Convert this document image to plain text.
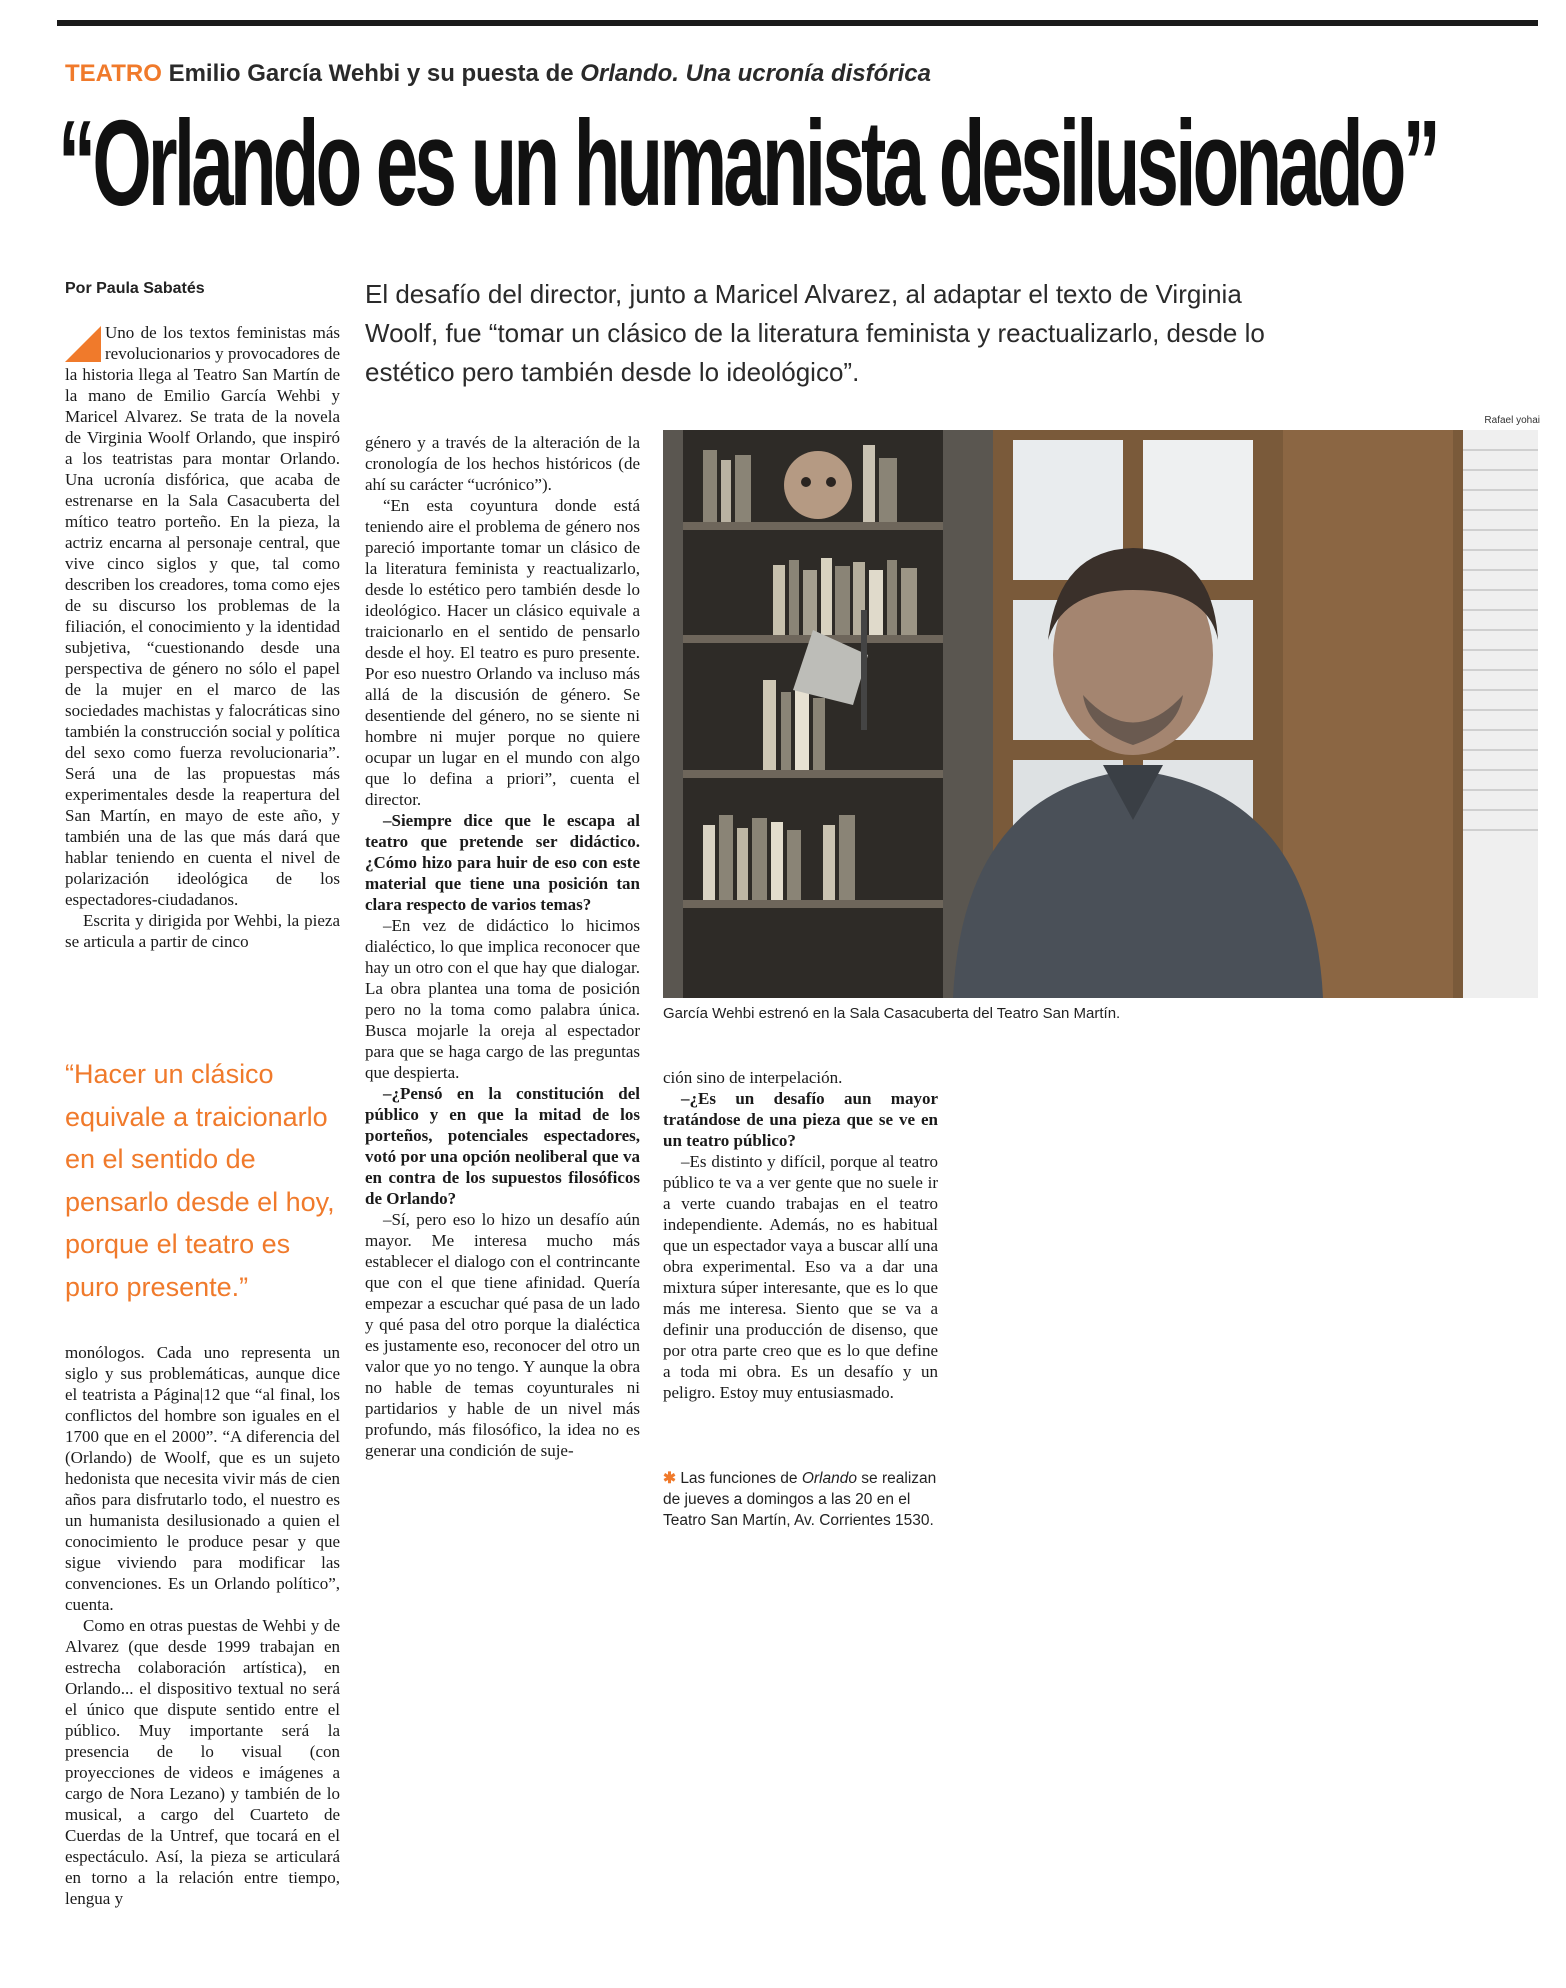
TEATRO Emilio García Wehbi y su puesta de Orlando. Una ucronía disfórica
“Orlando es un humanista desilusionado”
Por Paula Sabatés	El desafío del director, junto a Maricel Alvarez, al adaptar el texto de Virginia Woolf, fue “tomar un clásico de la literatura feminista y reactualizarlo, desde lo estético pero también desde lo ideológico”.

Uno de los textos feministas más revolucionarios y provocadores de la historia llega al Teatro San Martín de la mano de Emilio García Wehbi y Maricel Alvarez. Se trata de la novela de Virginia Woolf Orlando, que inspiró a los teatristas para montar Orlando. Una ucronía disfórica, que acaba de estrenarse en la Sala Casacuberta del mítico teatro porteño. En la pieza, la actriz encarna al personaje central, que vive cinco siglos y que, tal como describen los creadores, toma como ejes de su discurso los problemas de la filiación, el conocimiento y la identidad subjetiva, “cuestionando desde una perspectiva de género no sólo el papel de la mujer en el marco de las sociedades machistas y falocráticas sino también la construcción social y política del sexo como fuerza revolucionaria”. Será una de las propuestas más experimentales desde la reapertura del San Martín, en mayo de este año, y también una de las que más dará que hablar teniendo en cuenta el nivel de polarización ideológica de los espectadores-ciudadanos.

Escrita y dirigida por Wehbi, la pieza se articula a partir de cinco

“Hacer un clásico equivale a traicionarlo en el sentido de pensarlo desde el hoy, porque el teatro es puro presente.”

monólogos. Cada uno representa un siglo y sus problemáticas, aunque dice el teatrista a Página|12 que “al final, los conflictos del hombre son iguales en el 1700 que en el 2000”. “A diferencia del (Orlando) de Woolf, que es un sujeto hedonista que necesita vivir más de cien años para disfrutarlo todo, el nuestro es un humanista desilusionado a quien el conocimiento le produce pesar y que sigue viviendo para modificar las convenciones. Es un Orlando político”, cuenta.

Como en otras puestas de Wehbi y de Alvarez (que desde 1999 trabajan en estrecha colaboración artística), en Orlando... el dispositivo textual no será el único que dispute sentido entre el público. Muy importante será la presencia de lo visual (con proyecciones de videos e imágenes a cargo de Nora Lezano) y también de lo musical, a cargo del Cuarteto de Cuerdas de la Untref, que tocará en el espectáculo. Así, la pieza se articulará en torno a la relación entre tiempo, lengua y

género y a través de la alteración de la cronología de los hechos históricos (de ahí su carácter “ucrónico”).

“En esta coyuntura donde está teniendo aire el problema de género nos pareció importante tomar un clásico de la literatura feminista y reactualizarlo, desde lo estético pero también desde lo ideológico. Hacer un clásico equivale a traicionarlo en el sentido de pensarlo desde el hoy. El teatro es puro presente. Por eso nuestro Orlando va incluso más allá de la discusión de género. Se desentiende del género, no se siente ni hombre ni mujer porque no quiere ocupar un lugar en el mundo con algo que lo defina a priori”, cuenta el director.

–Siempre dice que le escapa al teatro que pretende ser didáctico. ¿Cómo hizo para huir de eso con este material que tiene una posición tan clara respecto de varios temas?

–En vez de didáctico lo hicimos dialéctico, lo que implica reconocer que hay un otro con el que hay que dialogar. La obra plantea una toma de posición pero no la toma como palabra única. Busca mojarle la oreja al espectador para que se haga cargo de las preguntas que despierta.

–¿Pensó en la constitución del público y en que la mitad de los porteños, potenciales espectadores, votó por una opción neoliberal que va en contra de los supuestos filosóficos de Orlando?

–Sí, pero eso lo hizo un desafío aún mayor. Me interesa mucho más establecer el dialogo con el contrincante que con el que tiene afinidad. Quería empezar a escuchar qué pasa de un lado y qué pasa del otro porque la dialéctica es justamente eso, reconocer del otro un valor que yo no tengo. Y aunque la obra no hable de temas coyunturales ni partidarios y hable de un nivel más profundo, más filosófico, la idea no es generar una condición de suje-

Rafael yohai
García Wehbi estrenó en la Sala Casacuberta del Teatro San Martín.

ción sino de interpelación.

–¿Es un desafío aun mayor tratándose de una pieza que se ve en un teatro público?

–Es distinto y difícil, porque al teatro público te va a ver gente que no suele ir a verte cuando trabajas en el teatro independiente. Además, no es habitual que un espectador vaya a buscar allí una obra experimental. Eso va a dar una mixtura súper interesante, que es lo que más me interesa. Siento que se va a definir una producción de disenso, que por otra parte creo que es lo que define a toda mi obra. Es un desafío y un peligro. Estoy muy entusiasmado.

✱ Las funciones de Orlando se realizan de jueves a domingos a las 20 en el Teatro San Martín, Av. Corrientes 1530.
